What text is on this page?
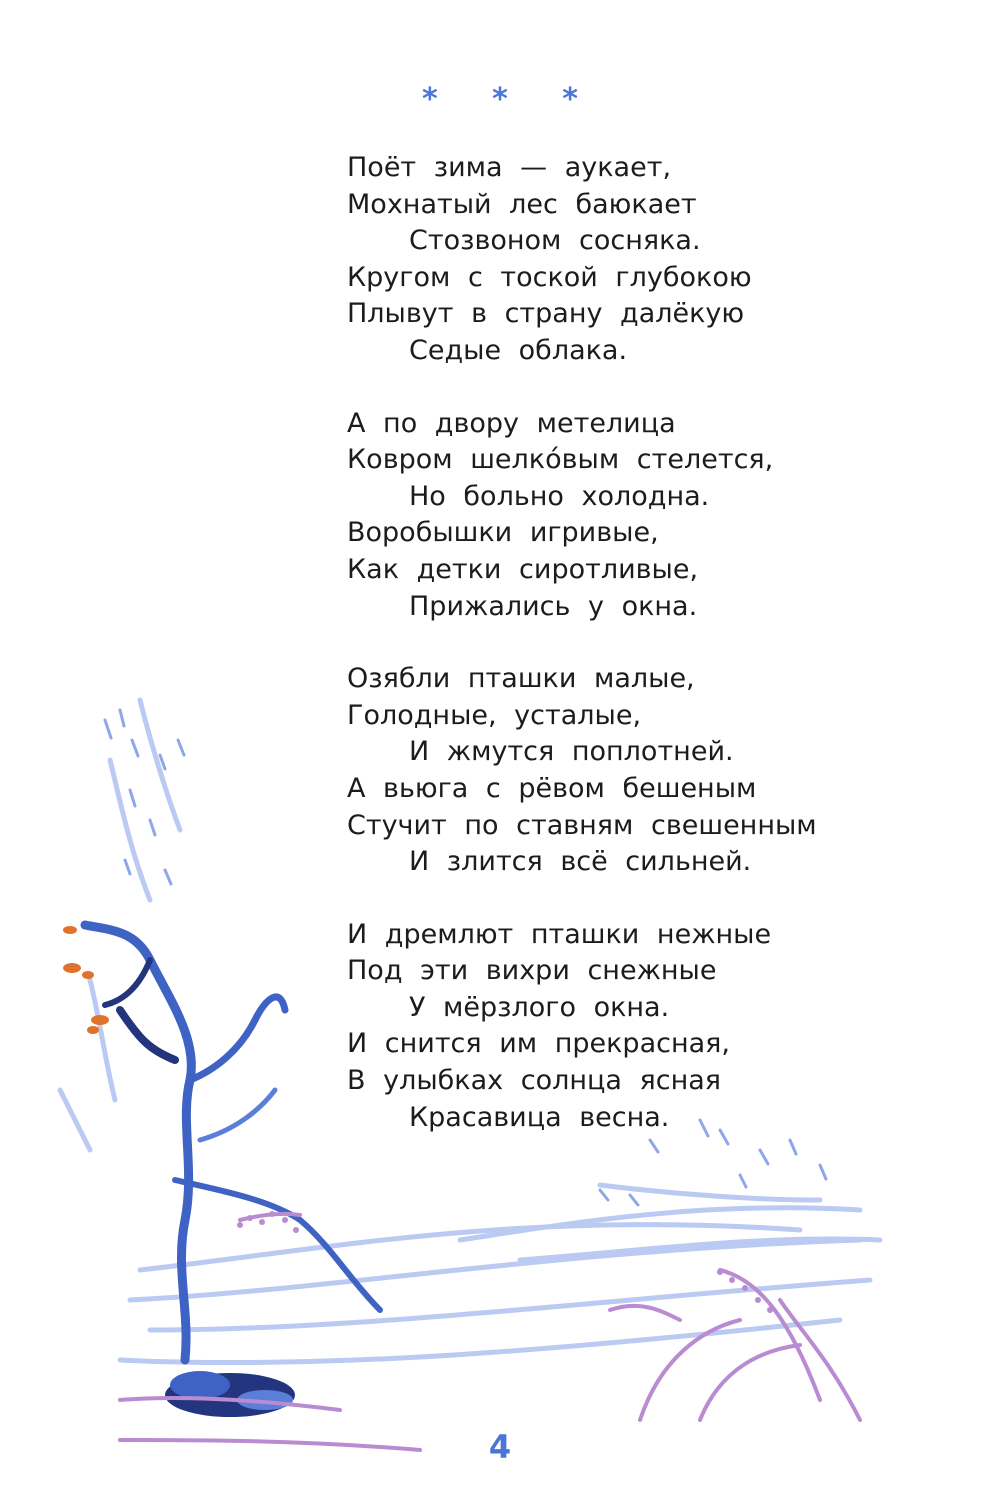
* * *
Поёт зима — аукает,
Мохнатый лес баюкает
Стозвоном сосняка.
Кругом с тоской глубокою
Плывут в страну далёкую
Седые облака.
А по двору метелица
Ковром шелко́вым стелется,
Но больно холодна.
Воробышки игривые,
Как детки сиротливые,
Прижались у окна.
Озябли пташки малые,
Голодные, усталые,
И жмутся поплотней.
А вьюга с рёвом бешеным
Стучит по ставням свешенным
И злится всё сильней.
И дремлют пташки нежные
Под эти вихри снежные
У мёрзлого окна.
И снится им прекрасная,
В улыбках солнца ясная
Красавица весна.
4
